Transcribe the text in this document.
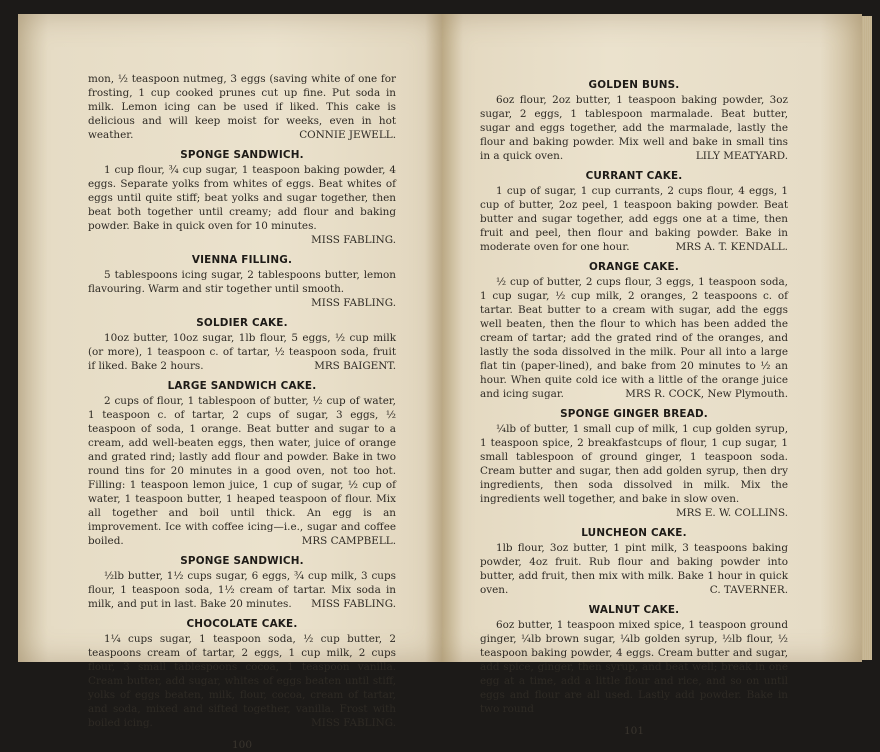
mon, ½ teaspoon nutmeg, 3 eggs (saving white of one for frosting, 1 cup cooked prunes cut up fine. Put soda in milk. Lemon icing can be used if liked. This cake is delicious and will keep moist for weeks, even in hot weather.	CONNIE JEWELL.

SPONGE SANDWICH.

1 cup flour, ¾ cup sugar, 1 teaspoon baking powder, 4 eggs. Separate yolks from whites of eggs. Beat whites of eggs until quite stiff; beat yolks and sugar together, then beat both together until creamy; add flour and baking powder. Bake in quick oven for 10 minutes.
MISS FABLING.

VIENNA FILLING.

5 tablespoons icing sugar, 2 tablespoons butter, lemon flavouring. Warm and stir together until smooth.
MISS FABLING.

SOLDIER CAKE.

10oz butter, 10oz sugar, 1lb flour, 5 eggs, ½ cup milk (or more), 1 teaspoon c. of tartar, ½ teaspoon soda, fruit if liked. Bake 2 hours.	MRS BAIGENT.

LARGE SANDWICH CAKE.

2 cups of flour, 1 tablespoon of butter, ½ cup of water, 1 teaspoon c. of tartar, 2 cups of sugar, 3 eggs, ½ teaspoon of soda, 1 orange. Beat butter and sugar to a cream, add well-beaten eggs, then water, juice of orange and grated rind; lastly add flour and powder. Bake in two round tins for 20 minutes in a good oven, not too hot. Filling: 1 teaspoon lemon juice, 1 cup of sugar, ½ cup of water, 1 teaspoon butter, 1 heaped teaspoon of flour. Mix all together and boil until thick. An egg is an improvement. Ice with coffee icing—i.e., sugar and coffee boiled.	MRS CAMPBELL.

SPONGE SANDWICH.

½lb butter, 1½ cups sugar, 6 eggs, ¾ cup milk, 3 cups flour, 1 teaspoon soda, 1½ cream of tartar. Mix soda in milk, and put in last. Bake 20 minutes. MISS FABLING.

CHOCOLATE CAKE.

1¼ cups sugar, 1 teaspoon soda, ½ cup butter, 2 teaspoons cream of tartar, 2 eggs, 1 cup milk, 2 cups flour, 3 small tablespoons cocoa, 1 teaspoon vanilla. Cream butter, add sugar, whites of eggs beaten until stiff, yolks of eggs beaten, milk, flour, cocoa, cream of tartar, and soda, mixed and sifted together, vanilla. Frost with boiled icing.	MISS FABLING.

100
GOLDEN BUNS.

6oz flour, 2oz butter, 1 teaspoon baking powder, 3oz sugar, 2 eggs, 1 tablespoon marmalade. Beat butter, sugar and eggs together, add the marmalade, lastly the flour and baking powder. Mix well and bake in small tins in a quick oven.	LILY MEATYARD.

CURRANT CAKE.

1 cup of sugar, 1 cup currants, 2 cups flour, 4 eggs, 1 cup of butter, 2oz peel, 1 teaspoon baking powder. Beat butter and sugar together, add eggs one at a time, then fruit and peel, then flour and baking powder. Bake in moderate oven for one hour.	MRS A. T. KENDALL.

ORANGE CAKE.

½ cup of butter, 2 cups flour, 3 eggs, 1 teaspoon soda, 1 cup sugar, ½ cup milk, 2 oranges, 2 teaspoons c. of tartar. Beat butter to a cream with sugar, add the eggs well beaten, then the flour to which has been added the cream of tartar; add the grated rind of the oranges, and lastly the soda dissolved in the milk. Pour all into a large flat tin (paper-lined), and bake from 20 minutes to ½ an hour. When quite cold ice with a little of the orange juice and icing sugar.	MRS R. COCK, New Plymouth.

SPONGE GINGER BREAD.

¼lb of butter, 1 small cup of milk, 1 cup golden syrup, 1 teaspoon spice, 2 breakfastcups of flour, 1 cup sugar, 1 small tablespoon of ground ginger, 1 teaspoon soda. Cream butter and sugar, then add golden syrup, then dry ingredients, then soda dissolved in milk. Mix the ingredients well together, and bake in slow oven.
MRS E. W. COLLINS.

LUNCHEON CAKE.

1lb flour, 3oz butter, 1 pint milk, 3 teaspoons baking powder, 4oz fruit. Rub flour and baking powder into butter, add fruit, then mix with milk. Bake 1 hour in quick oven.	C. TAVERNER.

WALNUT CAKE.

6oz butter, 1 teaspoon mixed spice, 1 teaspoon ground ginger, ¼lb brown sugar, ¼lb golden syrup, ½lb flour, ½ teaspoon baking powder, 4 eggs. Cream butter and sugar, add spice, ginger, then syrup, and beat well; break in one egg at a time, add a little flour and rice, and so on until eggs and flour are all used. Lastly add powder. Bake in two round

101
